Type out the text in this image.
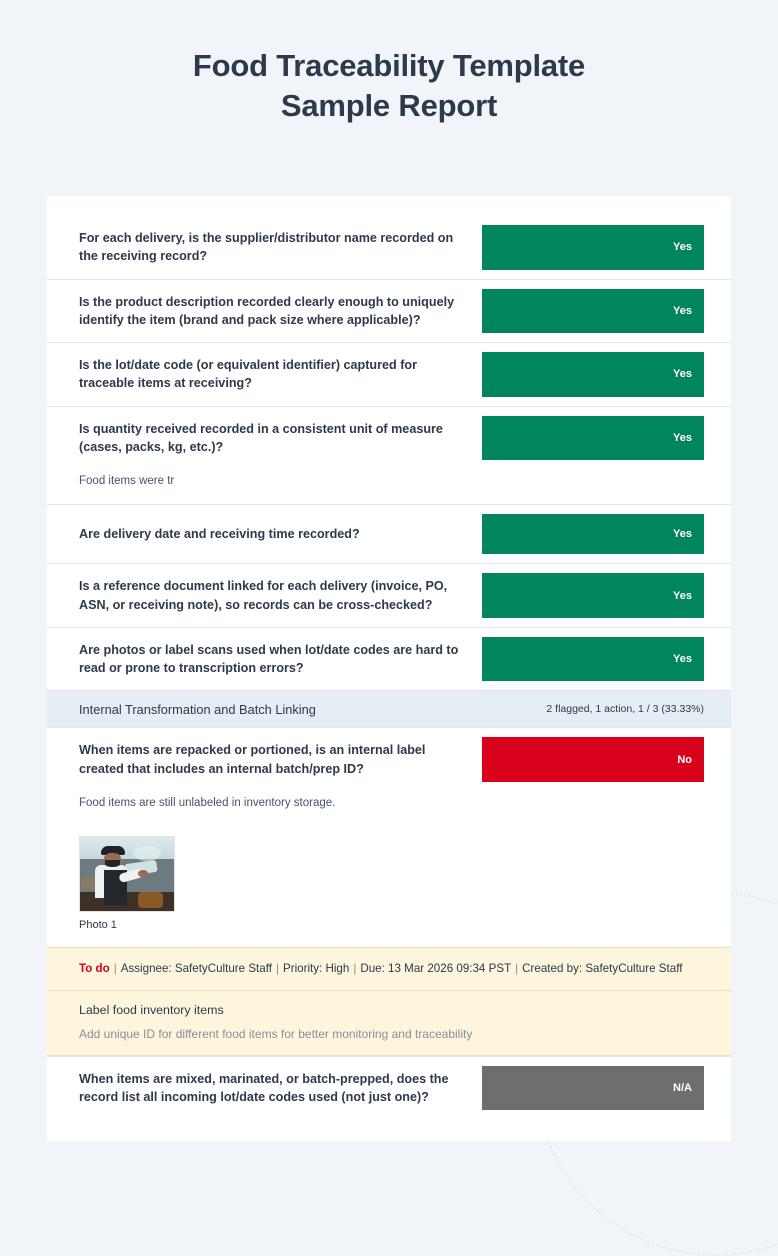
Food Traceability Template
Sample Report
For each delivery, is the supplier/distributor name recorded on the receiving record?
Yes
Is the product description recorded clearly enough to uniquely identify the item (brand and pack size where applicable)?
Yes
Is the lot/date code (or equivalent identifier) captured for traceable items at receiving?
Yes
Is quantity received recorded in a consistent unit of measure (cases, packs, kg, etc.)?
Yes
Food items were tr
Are delivery date and receiving time recorded?	Yes
Is a reference document linked for each delivery (invoice, PO, ASN, or receiving note), so records can be cross-checked?
Yes
Are photos or label scans used when lot/date codes are hard to read or prone to transcription errors?
Yes
Internal Transformation and Batch Linking	2 flagged, 1 action, 1 / 3 (33.33%)
When items are repacked or portioned, is an internal label created that includes an internal batch/prep ID?
No
Food items are still unlabeled in inventory storage.
Photo 1
To do | Assignee: SafetyCulture Staff | Priority: High | Due: 13 Mar 2026 09:34 PST | Created by: SafetyCulture Staff
Label food inventory items
Add unique ID for different food items for better monitoring and traceability
When items are mixed, marinated, or batch-prepped, does the record list all incoming lot/date codes used (not just one)?
N/A
